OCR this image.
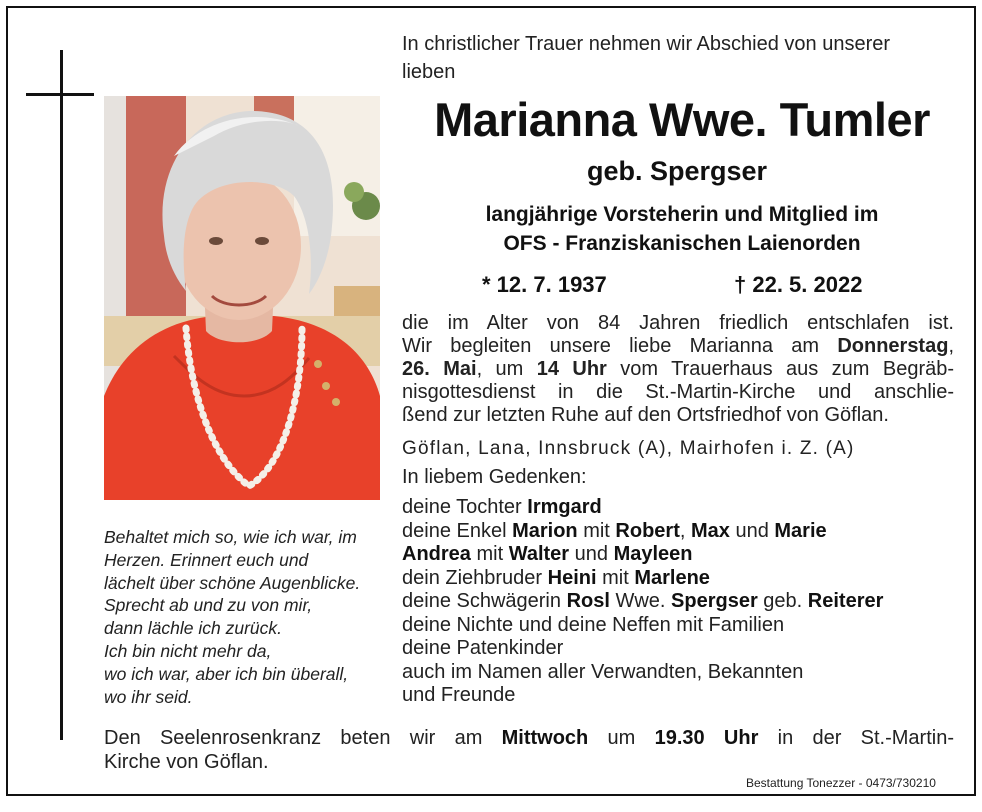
Behaltet mich so, wie ich war, im
Herzen. Erinnert euch und
lächelt über schöne Augenblicke.
Sprecht ab und zu von mir,
dann lächle ich zurück.
Ich bin nicht mehr da,
wo ich war, aber ich bin überall,
wo ihr seid.
In christlicher Trauer nehmen wir Abschied von unserer
lieben
Marianna Wwe. Tumler
geb. Spergser
langjährige Vorsteherin und Mitglied im
OFS - Franziskanischen Laienorden
* 12. 7. 1937	† 22. 5. 2022
die im Alter von 84 Jahren friedlich entschlafen ist.
Wir begleiten unsere liebe Marianna am Donnerstag,
26. Mai, um 14 Uhr vom Trauerhaus aus zum Begräb-
nisgottesdienst in die St.-Martin-Kirche und anschlie-
ßend zur letzten Ruhe auf den Ortsfriedhof von Göflan.
Göflan, Lana, Innsbruck (A), Mairhofen i. Z. (A)
In liebem Gedenken:
deine Tochter Irmgard
deine Enkel Marion mit Robert, Max und Marie
Andrea mit Walter und Mayleen
dein Ziehbruder Heini mit Marlene
deine Schwägerin Rosl Wwe. Spergser geb. Reiterer
deine Nichte und deine Neffen mit Familien
deine Patenkinder
auch im Namen aller Verwandten, Bekannten
und Freunde
Den Seelenrosenkranz beten wir am Mittwoch um 19.30 Uhr in der St.-Martin-
Kirche von Göflan.
Bestattung Tonezzer - 0473/730210
